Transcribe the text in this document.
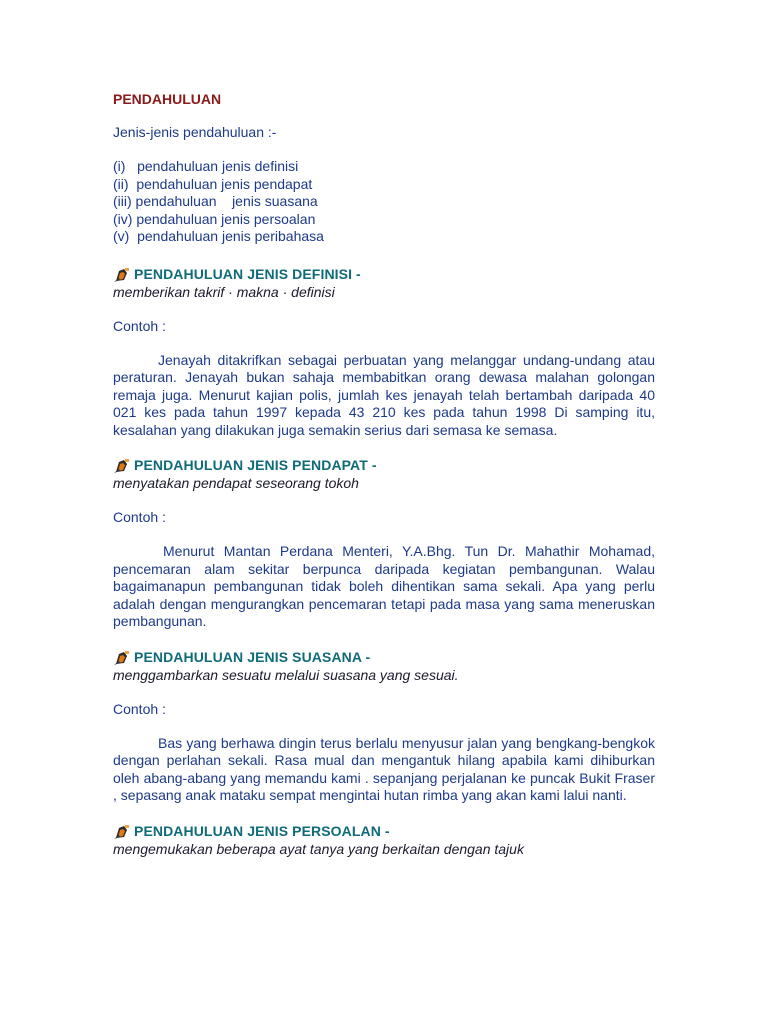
PENDAHULUAN
Jenis-jenis pendahuluan :-
(i)   pendahuluan jenis definisi
(ii)  pendahuluan jenis pendapat
(iii) pendahuluan    jenis suasana
(iv) pendahuluan jenis persoalan
(v)  pendahuluan jenis peribahasa
PENDAHULUAN JENIS DEFINISI -
memberikan takrif · makna · definisi
Contoh :
Jenayah ditakrifkan sebagai perbuatan yang melanggar undang-undang atau peraturan. Jenayah bukan sahaja membabitkan orang dewasa malahan golongan remaja juga. Menurut kajian polis, jumlah kes jenayah telah bertambah daripada 40 021 kes pada tahun 1997 kepada 43 210 kes pada tahun 1998 Di samping itu, kesalahan yang dilakukan juga semakin serius dari semasa ke semasa.
PENDAHULUAN JENIS PENDAPAT -
menyatakan pendapat seseorang tokoh
Contoh :
Menurut Mantan Perdana Menteri, Y.A.Bhg. Tun Dr. Mahathir Mohamad, pencemaran alam sekitar berpunca daripada kegiatan pembangunan. Walau bagaimanapun pembangunan tidak boleh dihentikan sama sekali. Apa yang perlu adalah dengan mengurangkan pencemaran tetapi pada masa yang sama meneruskan pembangunan.
PENDAHULUAN JENIS SUASANA -
menggambarkan sesuatu melalui suasana yang sesuai.
Contoh :
Bas yang berhawa dingin terus berlalu menyusur jalan yang bengkang-bengkok dengan perlahan sekali. Rasa mual dan mengantuk hilang apabila kami dihiburkan oleh abang-abang yang memandu kami . sepanjang perjalanan ke puncak Bukit Fraser , sepasang anak mataku sempat mengintai hutan rimba yang akan kami lalui nanti.
PENDAHULUAN JENIS PERSOALAN -
mengemukakan beberapa ayat tanya yang berkaitan dengan tajuk
